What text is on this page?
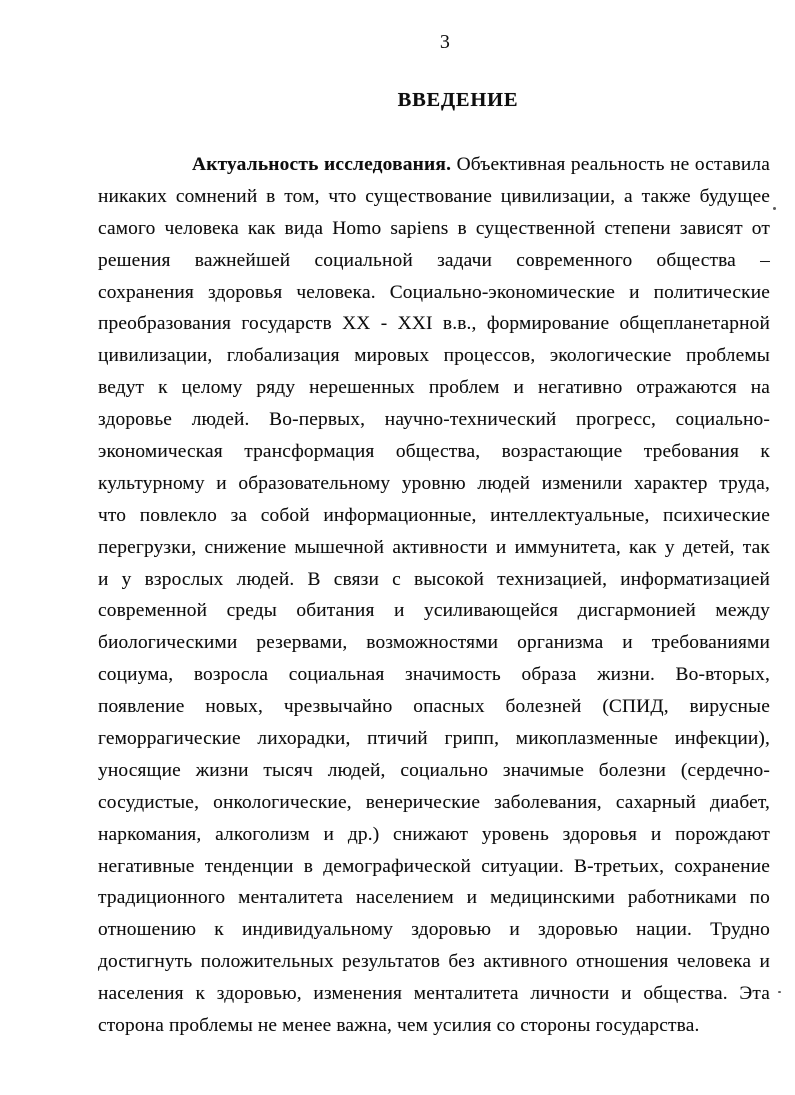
3
ВВЕДЕНИЕ
Актуальность исследования. Объективная реальность не оставила
никаких сомнений в том, что существование цивилизации, а также будущее
самого человека как вида Homo sapiens в существенной степени зависят от
решения важнейшей социальной задачи современного общества –
сохранения здоровья человека. Социально-экономические и политические
преобразования государств XX - XXI в.в., формирование общепланетарной
цивилизации, глобализация мировых процессов, экологические проблемы
ведут к целому ряду нерешенных проблем и негативно отражаются на
здоровье людей. Во-первых, научно-технический прогресс, социально-
экономическая трансформация общества, возрастающие требования к
культурному и образовательному уровню людей изменили характер труда,
что повлекло за собой информационные, интеллектуальные, психические
перегрузки, снижение мышечной активности и иммунитета, как у детей, так
и у взрослых людей. В связи с высокой технизацией, информатизацией
современной среды обитания и усиливающейся дисгармонией между
биологическими резервами, возможностями организма и требованиями
социума, возросла социальная значимость образа жизни. Во-вторых,
появление новых, чрезвычайно опасных болезней (СПИД, вирусные
геморрагические лихорадки, птичий грипп, микоплазменные инфекции),
уносящие жизни тысяч людей, социально значимые болезни (сердечно-
сосудистые, онкологические, венерические заболевания, сахарный диабет,
наркомания, алкоголизм и др.) снижают уровень здоровья и порождают
негативные тенденции в демографической ситуации. В-третьих, сохранение
традиционного менталитета населением и медицинскими работниками по
отношению к индивидуальному здоровью и здоровью нации. Трудно
достигнуть положительных результатов без активного отношения человека и
населения к здоровью, изменения менталитета личности и общества. Эта
сторона проблемы не менее важна, чем усилия со стороны государства.
